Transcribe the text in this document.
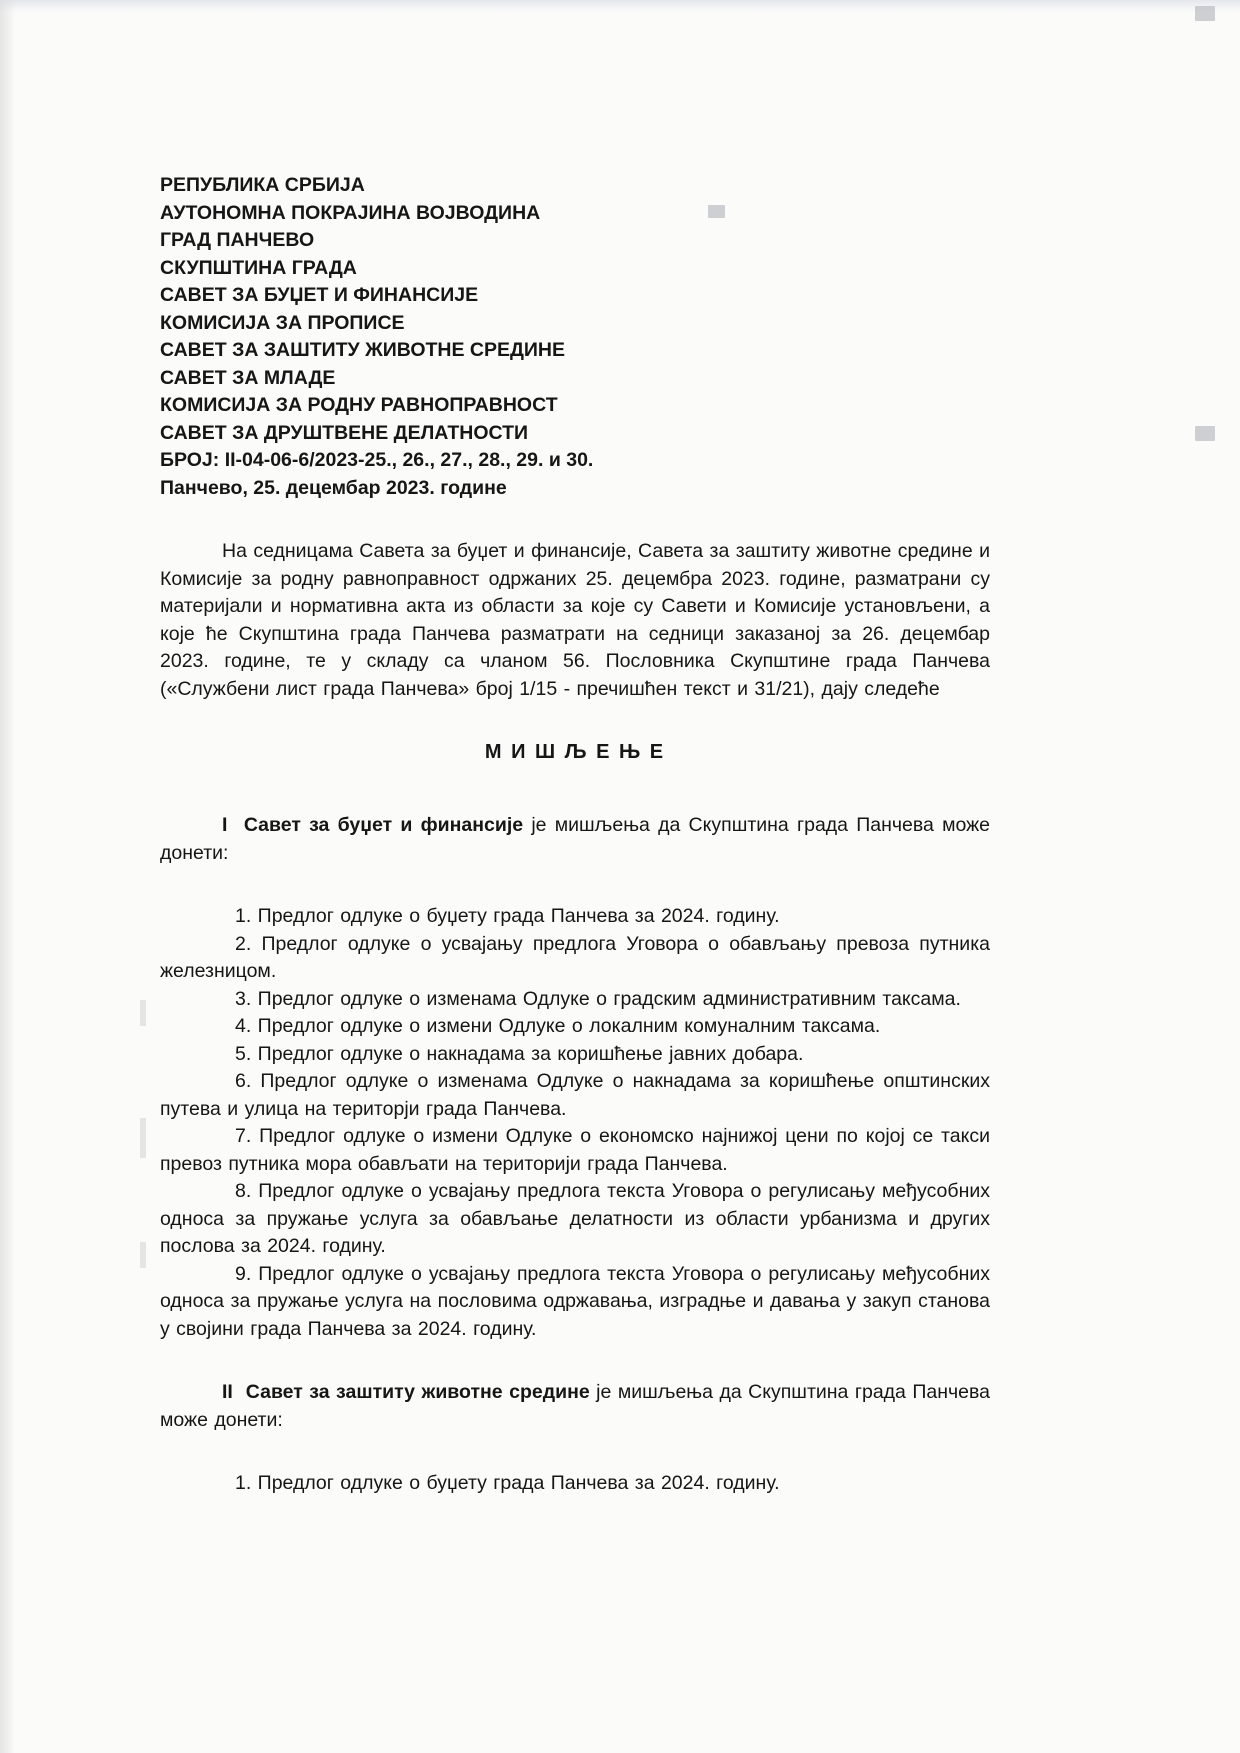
РЕПУБЛИКА СРБИЈА
АУТОНОМНА ПОКРАЈИНА ВОЈВОДИНА
ГРАД ПАНЧЕВО
СКУПШТИНА ГРАДА
САВЕТ ЗА БУЏЕТ И ФИНАНСИЈЕ
КОМИСИЈА ЗА ПРОПИСЕ
САВЕТ ЗА ЗАШТИТУ ЖИВОТНЕ СРЕДИНЕ
САВЕТ ЗА МЛАДЕ
КОМИСИЈА ЗА РОДНУ РАВНОПРАВНОСТ
САВЕТ ЗА ДРУШТВЕНЕ ДЕЛАТНОСТИ
БРОЈ: II-04-06-6/2023-25., 26., 27., 28., 29. и 30.
Панчево, 25. децембар 2023. године

На седницама Савета за буџет и финансије, Савета за заштиту животне средине и Комисије за родну равноправност одржаних 25. децембра 2023. године, разматрани су материјали и нормативна акта из области за које су Савети и Комисије установљени, а које ће Скупштина града Панчева разматрати на седници заказаној за 26. децембар 2023. године, те у складу са чланом 56. Пословника Скупштине града Панчева («Службени лист града Панчева» број 1/15 - пречишћен текст и 31/21), дају следеће

М И Ш Љ Е Њ Е

I  Савет за буџет и финансије је мишљења да Скупштина града Панчева може донети:

1. Предлог одлуке о буџету града Панчева за 2024. годину.

2. Предлог одлуке о усвајању предлога Уговора о обављању превоза путника железницом.

3. Предлог одлуке о изменама Одлуке о градским административним таксама.

4. Предлог одлуке о измени Одлуке о локалним комуналним таксама.

5. Предлог одлуке о накнадама за коришћење јавних добара.

6. Предлог одлуке о изменама Одлуке о накнадама за коришћење општинских путева и улица на територји града Панчева.

7. Предлог одлуке о измени Одлуке о економско најнижој цени по којој се такси превоз путника мора обављати на територији града Панчева.

8. Предлог одлуке о усвајању предлога текста Уговора о регулисању међусобних односа за пружање услуга за обављање делатности из области урбанизма и других послова за 2024. годину.

9. Предлог одлуке о усвајању предлога текста Уговора о регулисању међусобних односа за пружање услуга на пословима одржавања, изградње и давања у закуп станова у својини града Панчева за 2024. годину.

II  Савет за заштиту животне средине је мишљења да Скупштина града Панчева може донети:

1. Предлог одлуке о буџету града Панчева за 2024. годину.
